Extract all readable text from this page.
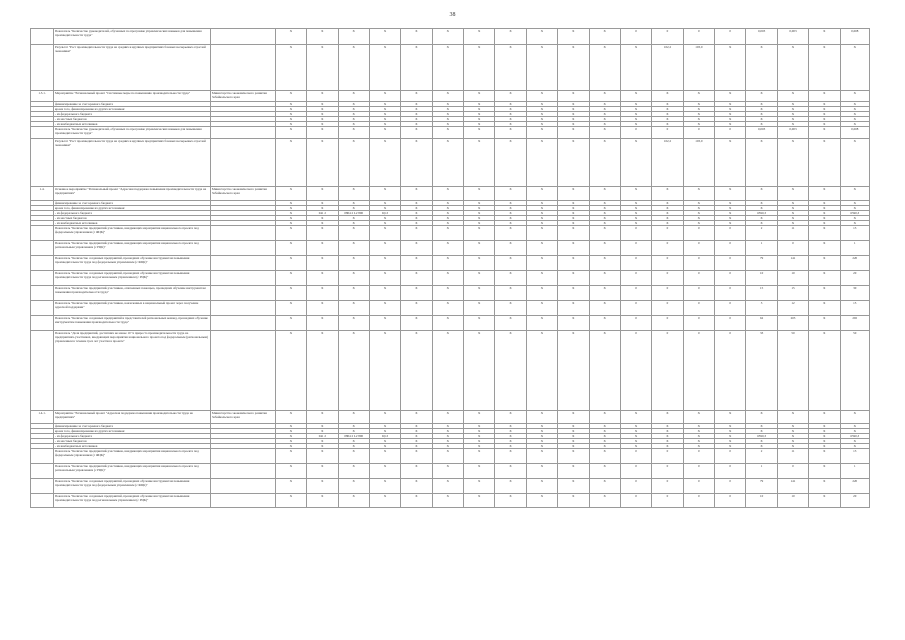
38
	Показатель "Количество руководителей, обученных по программе управленческих навыков для повышения производительности труда"		Х	Х	Х	Х	Х	Х	Х	Х	Х	Х	Х	0	0	0	0	0,003	0,003	Х	0,008
	Результат "Рост производительности труда на средних и крупных предприятиях базовых несырьевых отраслей экономики"		Х	Х	Х	Х	Х	Х	Х	Х	Х	Х	Х	Х	102,2	103,0	Х	Х	Х	Х	Х
1.3.1.	Мероприятие "Региональный проект "Системные меры по повышению производительности труда"	Министерство экономического развития Забайкальского края	Х	Х	Х	Х	Х	Х	Х	Х	Х	Х	Х	Х	Х	Х	Х	Х	Х	Х	Х
	финансирование за счет краевого бюджета		Х	Х	Х	Х	Х	Х	Х	Х	Х	Х	Х	Х	Х	Х	Х	Х	Х	Х	Х
	кроме того, финансирование из других источников:		Х	Х	Х	Х	Х	Х	Х	Х	Х	Х	Х	Х	Х	Х	Х	Х	Х	Х	Х
	- из федерального бюджета		Х	Х	Х	Х	Х	Х	Х	Х	Х	Х	Х	Х	Х	Х	Х	Х	Х	Х	Х
	- из местных бюджетов		Х	Х	Х	Х	Х	Х	Х	Х	Х	Х	Х	Х	Х	Х	Х	Х	Х	Х	Х
	- из внебюджетных источников		Х	Х	Х	Х	Х	Х	Х	Х	Х	Х	Х	Х	Х	Х	Х	Х	Х	Х	Х
	Показатель "Количество руководителей, обученных по программе управленческих навыков для повышения производительности труда"		Х	Х	Х	Х	Х	Х	Х	Х	Х	Х	Х	0	0	0	0	0,003	0,003	Х	0,008
	Результат "Рост производительности труда на средних и крупных предприятиях базовых несырьевых отраслей экономики"		Х	Х	Х	Х	Х	Х	Х	Х	Х	Х	Х	Х	102,2	103,0	Х	Х	Х	Х	Х
1.4.	Основное мероприятие "Региональный проект "Адресная поддержка повышения производительности труда на предприятиях"	Министерство экономического развития Забайкальского края	Х	Х	Х	Х	Х	Х	Х	Х	Х	Х	Х	Х	Х	Х	Х	Х	Х	Х	Х
	финансирование за счет краевого бюджета		Х	Х	Х	Х	Х	Х	Х	Х	Х	Х	Х	Х	Х	Х	Х	Х	Х	Х	Х
	кроме того, финансирование из других источников:		Х	Х	Х	Х	Х	Х	Х	Х	Х	Х	Х	Х	Х	Х	Х	Х	Х	Х	Х
	- из федерального бюджета		Х	041 2	0804 2 L2 890	ЦL3	Х	Х	Х	Х	Х	Х	Х	Х	Х	Х	Х	6590,3	Х	Х	6590,3
	- из местных бюджетов		Х	Х	Х	Х	Х	Х	Х	Х	Х	Х	Х	Х	Х	Х	Х	Х	Х	Х	Х
	- из внебюджетных источников		Х	Х	Х	Х	Х	Х	Х	Х	Х	Х	Х	Х	Х	Х	Х	Х	Х	Х	Х
	Показатель "Количество предприятий-участников, внедряющих мероприятия национального проекта под федеральным управлением (с ФЦК)"		Х	Х	Х	Х	Х	Х	Х	Х	Х	Х	Х	0	0	0	0	2	11	Х	13
	Показатель "Количество предприятий-участников, внедряющих мероприятия национального проекта под региональным управлением (с РЦК)"		Х	Х	Х	Х	Х	Х	Х	Х	Х	Х	Х	0	0	0	0	1	0	Х	1
	Показатель "Количество созданных предприятий, прошедших обучение инструментам повышения производительности труда под федеральным управлением (с ФЦК)"		Х	Х	Х	Х	Х	Х	Х	Х	Х	Х	Х	0	0	0	0	79	141	Х	220
	Показатель "Количество созданных предприятий, прошедших обучение инструментам повышения производительности труда под региональным управлением (с РЦК)"		Х	Х	Х	Х	Х	Х	Х	Х	Х	Х	Х	0	0	0	0	10	10	Х	20
	Показатель "Количество предприятий-участников, охваченных помощью, прошедших обучение инструментам повышения производительности труда"		Х	Х	Х	Х	Х	Х	Х	Х	Х	Х	Х	0	0	0	0	15	15	Х	30
	Показатель "Количество предприятий-участников, вовлеченных в национальный проект через получение адресной поддержки"		Х	Х	Х	Х	Х	Х	Х	Х	Х	Х	Х	0	0	0	0	3	12	Х	15
	Показатель "Количество созданных предприятий и представителей региональных команд, прошедших обучение инструментам повышения производительности труда"		Х	Х	Х	Х	Х	Х	Х	Х	Х	Х	Х	0	0	0	0	62	203	Х	265
	Показатель "Доля предприятий, достигших не менее 10 % прироста производительности труда на предприятиях-участниках, внедряющих мероприятия национального проекта под федеральным (региональным) управлением в течение трех лет участия в проекте"		Х	Х	Х	Х	Х	Х	Х	Х	Х	Х	Х	0	0	0	0	33	50	Х	50
1.4.1.	Мероприятие "Региональный проект "Адресная поддержка повышения производительности труда на предприятиях"	Министерство экономического развития Забайкальского края	Х	Х	Х	Х	Х	Х	Х	Х	Х	Х	Х	Х	Х	Х	Х	Х	Х	Х	Х
	финансирование за счет краевого бюджета		Х	Х	Х	Х	Х	Х	Х	Х	Х	Х	Х	Х	Х	Х	Х	Х	Х	Х	Х
	кроме того, финансирование из других источников:		Х	Х	Х	Х	Х	Х	Х	Х	Х	Х	Х	Х	Х	Х	Х	Х	Х	Х	Х
	- из федерального бюджета		Х	041 2	0804 2 L2 890	ЦL3	Х	Х	Х	Х	Х	Х	Х	Х	Х	Х	Х	6590,3	Х	Х	6590,3
	- из местных бюджетов		Х	Х	Х	Х	Х	Х	Х	Х	Х	Х	Х	Х	Х	Х	Х	Х	Х	Х	Х
	- из внебюджетных источников		Х	Х	Х	Х	Х	Х	Х	Х	Х	Х	Х	Х	Х	Х	Х	Х	Х	Х	Х
	Показатель "Количество предприятий-участников, внедряющих мероприятия национального проекта под федеральным управлением (с ФЦК)"		Х	Х	Х	Х	Х	Х	Х	Х	Х	Х	Х	0	0	0	0	2	11	Х	13
	Показатель "Количество предприятий-участников, внедряющих мероприятия национального проекта под региональным управлением (с РЦК)"		Х	Х	Х	Х	Х	Х	Х	Х	Х	Х	Х	0	0	0	0	1	0	Х	1
	Показатель "Количество созданных предприятий, прошедших обучение инструментам повышения производительности труда под федеральным управлением (с ФЦК)"		Х	Х	Х	Х	Х	Х	Х	Х	Х	Х	Х	0	0	0	0	79	141	Х	220
	Показатель "Количество созданных предприятий, прошедших обучение инструментам повышения производительности труда под региональным управлением (с РЦК)"		Х	Х	Х	Х	Х	Х	Х	Х	Х	Х	Х	0	0	0	0	10	10	Х	20
